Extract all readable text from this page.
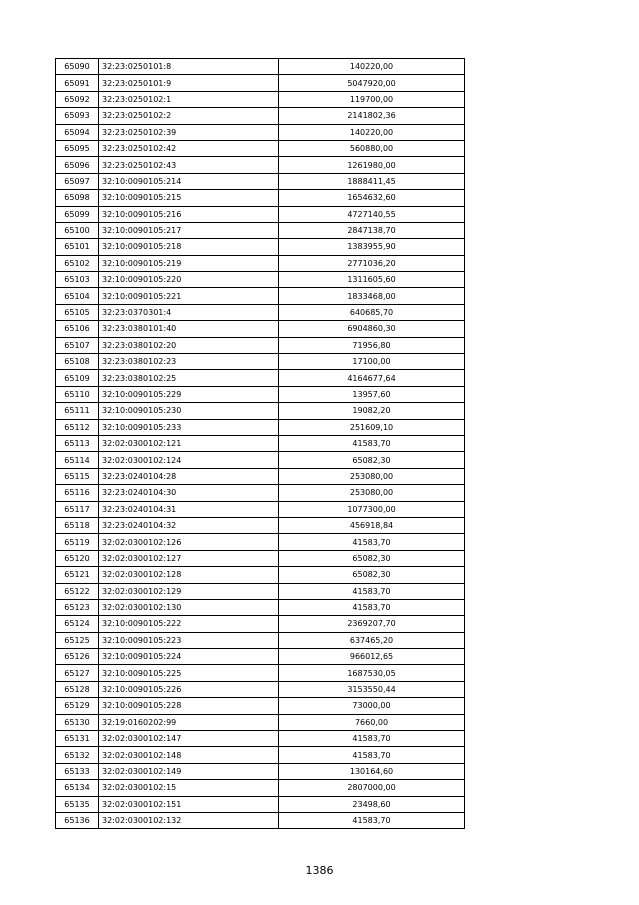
65090	32:23:0250101:8	140220,00
65091	32:23:0250101:9	5047920,00
65092	32:23:0250102:1	119700,00
65093	32:23:0250102:2	2141802,36
65094	32:23:0250102:39	140220,00
65095	32:23:0250102:42	560880,00
65096	32:23:0250102:43	1261980,00
65097	32:10:0090105:214	1888411,45
65098	32:10:0090105:215	1654632,60
65099	32:10:0090105:216	4727140,55
65100	32:10:0090105:217	2847138,70
65101	32:10:0090105:218	1383955,90
65102	32:10:0090105:219	2771036,20
65103	32:10:0090105:220	1311605,60
65104	32:10:0090105:221	1833468,00
65105	32:23:0370301:4	640685,70
65106	32:23:0380101:40	6904860,30
65107	32:23:0380102:20	71956,80
65108	32:23:0380102:23	17100,00
65109	32:23:0380102:25	4164677,64
65110	32:10:0090105:229	13957,60
65111	32:10:0090105:230	19082,20
65112	32:10:0090105:233	251609,10
65113	32:02:0300102:121	41583,70
65114	32:02:0300102:124	65082,30
65115	32:23:0240104:28	253080,00
65116	32:23:0240104:30	253080,00
65117	32:23:0240104:31	1077300,00
65118	32:23:0240104:32	456918,84
65119	32:02:0300102:126	41583,70
65120	32:02:0300102:127	65082,30
65121	32:02:0300102:128	65082,30
65122	32:02:0300102:129	41583,70
65123	32:02:0300102:130	41583,70
65124	32:10:0090105:222	2369207,70
65125	32:10:0090105:223	637465,20
65126	32:10:0090105:224	966012,65
65127	32:10:0090105:225	1687530,05
65128	32:10:0090105:226	3153550,44
65129	32:10:0090105:228	73000,00
65130	32:19:0160202:99	7660,00
65131	32:02:0300102:147	41583,70
65132	32:02:0300102:148	41583,70
65133	32:02:0300102:149	130164,60
65134	32:02:0300102:15	2807000,00
65135	32:02:0300102:151	23498,60
65136	32:02:0300102:132	41583,70
1386
